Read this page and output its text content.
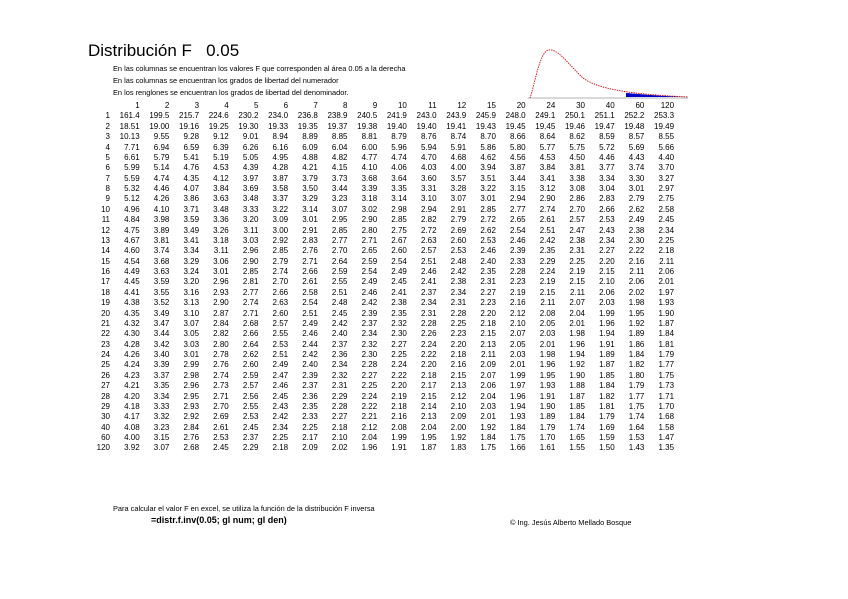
Distribución F 0.05
En las columnas se encuentran los valores F que corresponden al área 0.05 a la derecha
En las columnas se encuentran los grados de libertad del numerador
En los renglones se encuentran los grados de libertad del denominador.
	1	2	3	4	5	6	7	8	9	10	11	12	15	20	24	30	40	60	120
1	161.4	199.5	215.7	224.6	230.2	234.0	236.8	238.9	240.5	241.9	243.0	243.9	245.9	248.0	249.1	250.1	251.1	252.2	253.3
2	18.51	19.00	19.16	19.25	19.30	19.33	19.35	19.37	19.38	19.40	19.40	19.41	19.43	19.45	19.45	19.46	19.47	19.48	19.49
3	10.13	9.55	9.28	9.12	9.01	8.94	8.89	8.85	8.81	8.79	8.76	8.74	8.70	8.66	8.64	8.62	8.59	8.57	8.55
4	7.71	6.94	6.59	6.39	6.26	6.16	6.09	6.04	6.00	5.96	5.94	5.91	5.86	5.80	5.77	5.75	5.72	5.69	5.66
5	6.61	5.79	5.41	5.19	5.05	4.95	4.88	4.82	4.77	4.74	4.70	4.68	4.62	4.56	4.53	4.50	4.46	4.43	4.40
6	5.99	5.14	4.76	4.53	4.39	4.28	4.21	4.15	4.10	4.06	4.03	4.00	3.94	3.87	3.84	3.81	3.77	3.74	3.70
7	5.59	4.74	4.35	4.12	3.97	3.87	3.79	3.73	3.68	3.64	3.60	3.57	3.51	3.44	3.41	3.38	3.34	3.30	3.27
8	5.32	4.46	4.07	3.84	3.69	3.58	3.50	3.44	3.39	3.35	3.31	3.28	3.22	3.15	3.12	3.08	3.04	3.01	2.97
9	5.12	4.26	3.86	3.63	3.48	3.37	3.29	3.23	3.18	3.14	3.10	3.07	3.01	2.94	2.90	2.86	2.83	2.79	2.75
10	4.96	4.10	3.71	3.48	3.33	3.22	3.14	3.07	3.02	2.98	2.94	2.91	2.85	2.77	2.74	2.70	2.66	2.62	2.58
11	4.84	3.98	3.59	3.36	3.20	3.09	3.01	2.95	2.90	2.85	2.82	2.79	2.72	2.65	2.61	2.57	2.53	2.49	2.45
12	4.75	3.89	3.49	3.26	3.11	3.00	2.91	2.85	2.80	2.75	2.72	2.69	2.62	2.54	2.51	2.47	2.43	2.38	2.34
13	4.67	3.81	3.41	3.18	3.03	2.92	2.83	2.77	2.71	2.67	2.63	2.60	2.53	2.46	2.42	2.38	2.34	2.30	2.25
14	4.60	3.74	3.34	3.11	2.96	2.85	2.76	2.70	2.65	2.60	2.57	2.53	2.46	2.39	2.35	2.31	2.27	2.22	2.18
15	4.54	3.68	3.29	3.06	2.90	2.79	2.71	2.64	2.59	2.54	2.51	2.48	2.40	2.33	2.29	2.25	2.20	2.16	2.11
16	4.49	3.63	3.24	3.01	2.85	2.74	2.66	2.59	2.54	2.49	2.46	2.42	2.35	2.28	2.24	2.19	2.15	2.11	2.06
17	4.45	3.59	3.20	2.96	2.81	2.70	2.61	2.55	2.49	2.45	2.41	2.38	2.31	2.23	2.19	2.15	2.10	2.06	2.01
18	4.41	3.55	3.16	2.93	2.77	2.66	2.58	2.51	2.46	2.41	2.37	2.34	2.27	2.19	2.15	2.11	2.06	2.02	1.97
19	4.38	3.52	3.13	2.90	2.74	2.63	2.54	2.48	2.42	2.38	2.34	2.31	2.23	2.16	2.11	2.07	2.03	1.98	1.93
20	4.35	3.49	3.10	2.87	2.71	2.60	2.51	2.45	2.39	2.35	2.31	2.28	2.20	2.12	2.08	2.04	1.99	1.95	1.90
21	4.32	3.47	3.07	2.84	2.68	2.57	2.49	2.42	2.37	2.32	2.28	2.25	2.18	2.10	2.05	2.01	1.96	1.92	1.87
22	4.30	3.44	3.05	2.82	2.66	2.55	2.46	2.40	2.34	2.30	2.26	2.23	2.15	2.07	2.03	1.98	1.94	1.89	1.84
23	4.28	3.42	3.03	2.80	2.64	2.53	2.44	2.37	2.32	2.27	2.24	2.20	2.13	2.05	2.01	1.96	1.91	1.86	1.81
24	4.26	3.40	3.01	2.78	2.62	2.51	2.42	2.36	2.30	2.25	2.22	2.18	2.11	2.03	1.98	1.94	1.89	1.84	1.79
25	4.24	3.39	2.99	2.76	2.60	2.49	2.40	2.34	2.28	2.24	2.20	2.16	2.09	2.01	1.96	1.92	1.87	1.82	1.77
26	4.23	3.37	2.98	2.74	2.59	2.47	2.39	2.32	2.27	2.22	2.18	2.15	2.07	1.99	1.95	1.90	1.85	1.80	1.75
27	4.21	3.35	2.96	2.73	2.57	2.46	2.37	2.31	2.25	2.20	2.17	2.13	2.06	1.97	1.93	1.88	1.84	1.79	1.73
28	4.20	3.34	2.95	2.71	2.56	2.45	2.36	2.29	2.24	2.19	2.15	2.12	2.04	1.96	1.91	1.87	1.82	1.77	1.71
29	4.18	3.33	2.93	2.70	2.55	2.43	2.35	2.28	2.22	2.18	2.14	2.10	2.03	1.94	1.90	1.85	1.81	1.75	1.70
30	4.17	3.32	2.92	2.69	2.53	2.42	2.33	2.27	2.21	2.16	2.13	2.09	2.01	1.93	1.89	1.84	1.79	1.74	1.68
40	4.08	3.23	2.84	2.61	2.45	2.34	2.25	2.18	2.12	2.08	2.04	2.00	1.92	1.84	1.79	1.74	1.69	1.64	1.58
60	4.00	3.15	2.76	2.53	2.37	2.25	2.17	2.10	2.04	1.99	1.95	1.92	1.84	1.75	1.70	1.65	1.59	1.53	1.47
120	3.92	3.07	2.68	2.45	2.29	2.18	2.09	2.02	1.96	1.91	1.87	1.83	1.75	1.66	1.61	1.55	1.50	1.43	1.35
Para calcular el valor F en excel, se utiliza la función de la distribución F inversa
=distr.f.inv(0.05; gl num; gl den)	© Ing. Jesús Alberto Mellado Bosque
